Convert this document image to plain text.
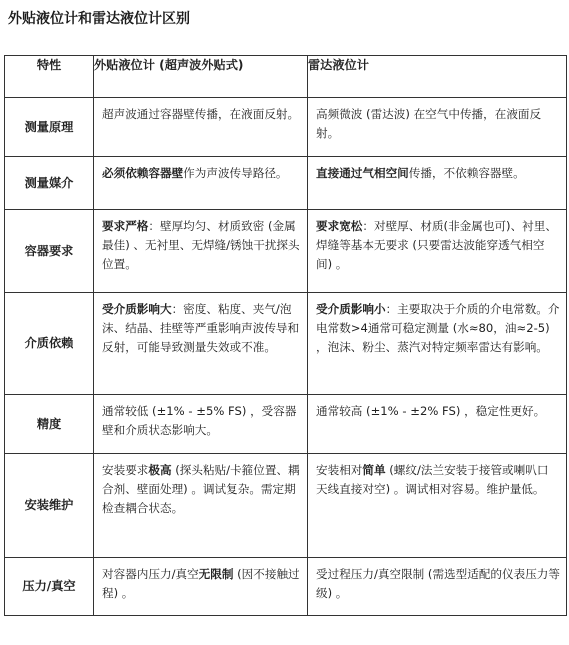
外贴液位计和雷达液位计区别
特性	外贴液位计 (超声波外贴式)	雷达液位计
测量原理	超声波通过容器壁传播，在液面反射。	高频微波 (雷达波) 在空气中传播，在液面反射。
测量媒介	必须依赖容器壁作为声波传导路径。	直接通过气相空间传播，不依赖容器壁。
容器要求	要求严格：壁厚均匀、材质致密 (金属最佳) 、无衬里、无焊缝/锈蚀干扰探头位置。	要求宽松：对壁厚、材质(非金属也可)、衬里、焊缝等基本无要求 (只要雷达波能穿透气相空间) 。
介质依赖	受介质影响大：密度、粘度、夹气/泡沫、结晶、挂壁等严重影响声波传导和反射，可能导致测量失效或不准。	受介质影响小：主要取决于介质的介电常数。介电常数>4通常可稳定测量 (水≈80，油≈2-5) ，泡沫、粉尘、蒸汽对特定频率雷达有影响。
精度	通常较低 (±1% - ±5% FS) ，受容器壁和介质状态影响大。	通常较高 (±1% - ±2% FS) ，稳定性更好。
安装维护	安装要求极高 (探头粘贴/卡箍位置、耦合剂、壁面处理) 。调试复杂。需定期检查耦合状态。	安装相对简单 (螺纹/法兰安装于接管或喇叭口天线直接对空) 。调试相对容易。维护量低。
压力/真空	对容器内压力/真空无限制 (因不接触过程) 。	受过程压力/真空限制 (需选型适配的仪表压力等级) 。
